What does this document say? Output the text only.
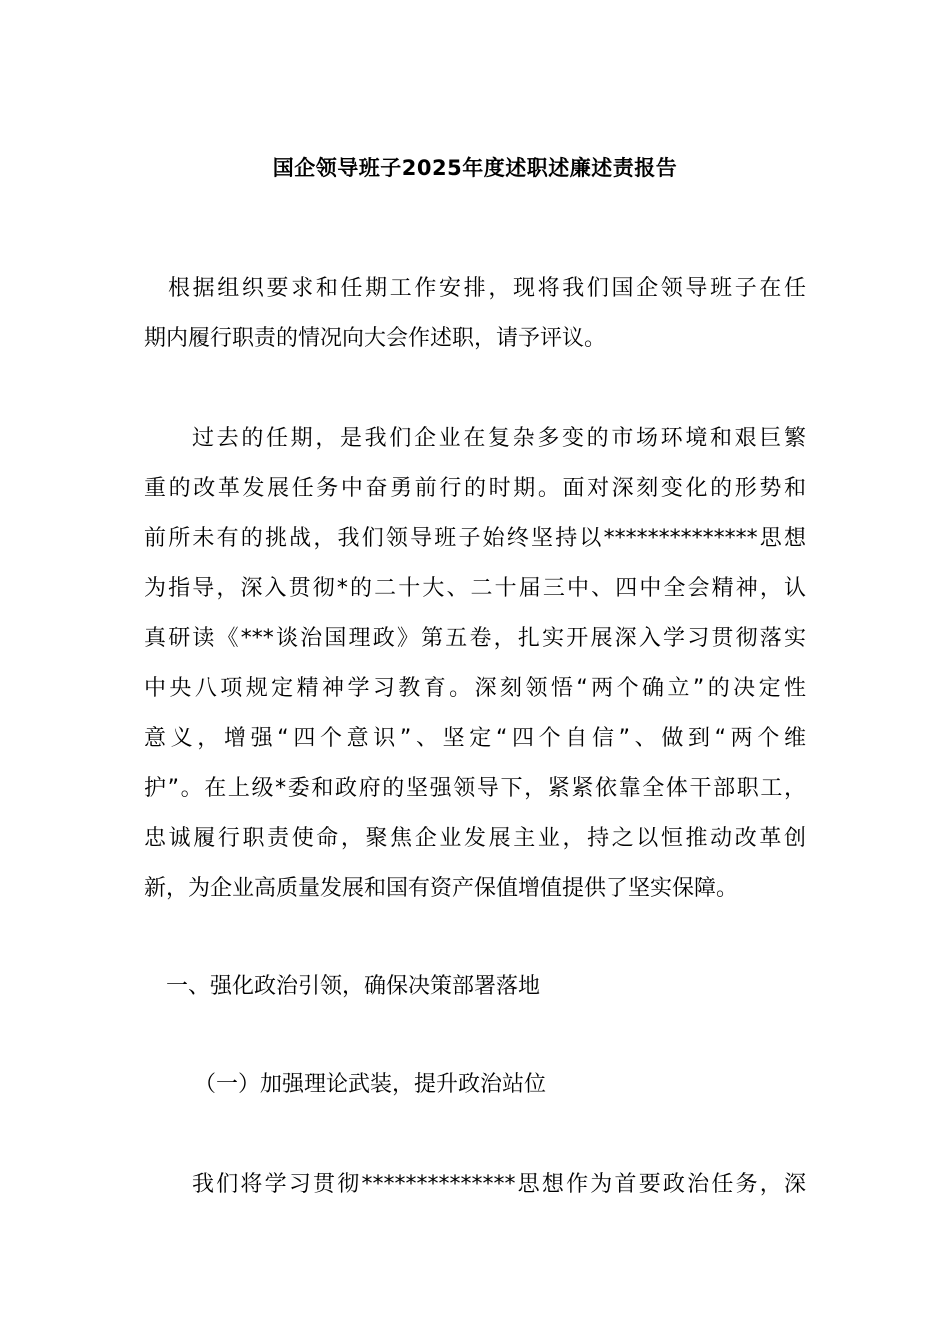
国企领导班子2025年度述职述廉述责报告
根据组织要求和任期工作安排，现将我们国企领导班子在任
期内履行职责的情况向大会作述职，请予评议。
过去的任期，是我们企业在复杂多变的市场环境和艰巨繁
重的改革发展任务中奋勇前行的时期。面对深刻变化的形势和
前所未有的挑战，我们领导班子始终坚持以**************思想
为指导，深入贯彻*的二十大、二十届三中、四中全会精神，认
真研读《***谈治国理政》第五卷，扎实开展深入学习贯彻落实
中央八项规定精神学习教育。深刻领悟“两个确立”的决定性
意义，增强“四个意识”、坚定“四个自信”、做到“两个维
护”。在上级*委和政府的坚强领导下，紧紧依靠全体干部职工，
忠诚履行职责使命，聚焦企业发展主业，持之以恒推动改革创
新，为企业高质量发展和国有资产保值增值提供了坚实保障。
一、强化政治引领，确保决策部署落地
（一）加强理论武装，提升政治站位
我们将学习贯彻**************思想作为首要政治任务，深
